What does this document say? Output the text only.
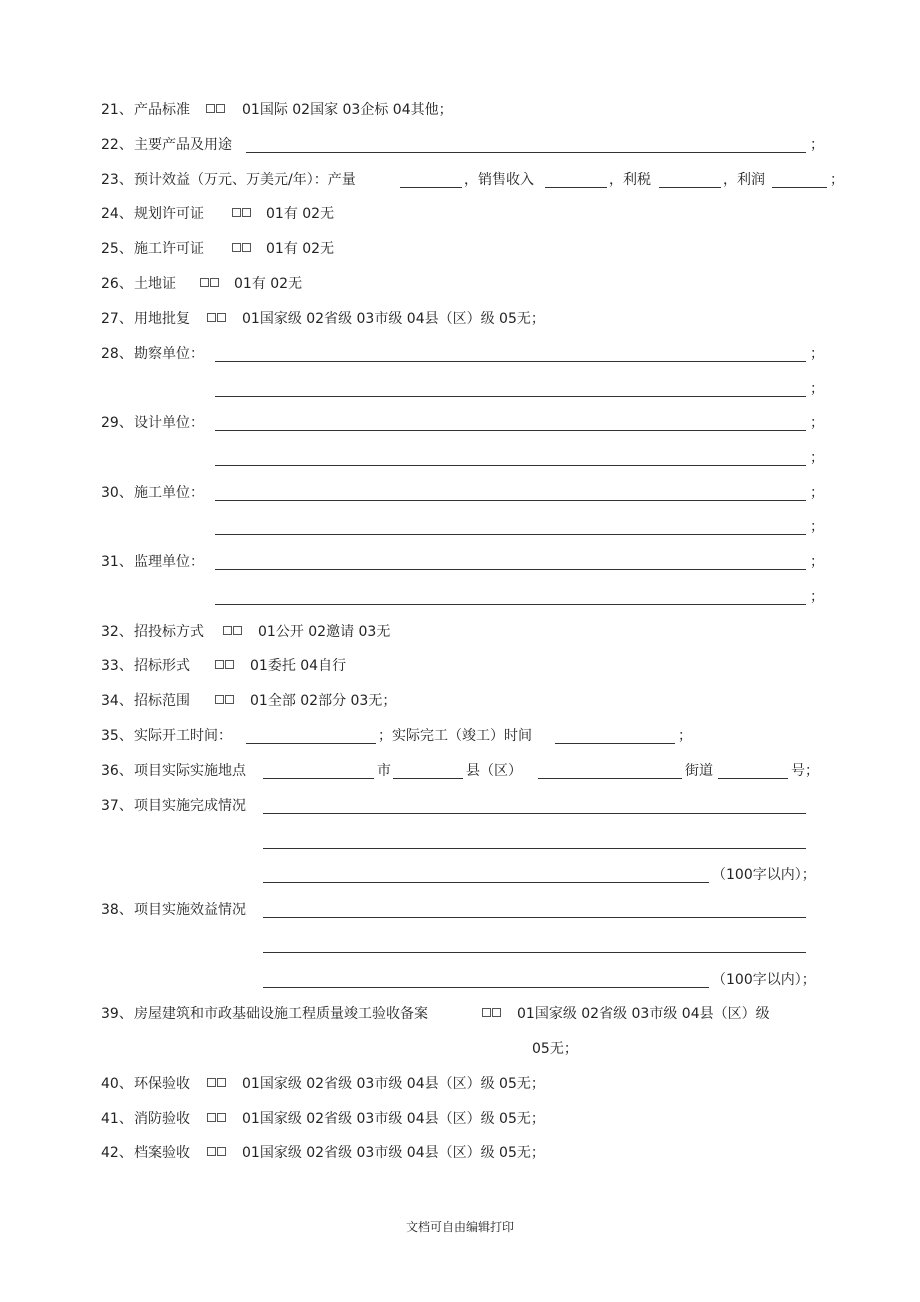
21、 产品标准	01国际 02国家 03企标 04其他；
22、 主要产品及用途	；
23、 预计效益（万元、万美元/年）：产量	，销售收入	，利税	，利润	；
24、 规划许可证	01有 02无
25、 施工许可证	01有 02无
26、 土地证	01有 02无
27、 用地批复	01国家级 02省级 03市级 04县（区）级 05无；
28、 勘察单位：	；
；
29、 设计单位：	；
；
30、 施工单位：	；
；
31、 监理单位：	；
；
32、 招投标方式	01公开 02邀请 03无
33、 招标形式	01委托 04自行
34、 招标范围	01全部 02部分 03无；
35、 实际开工时间：	；实际完工（竣工）时间	；
36、 项目实际实施地点	市	县（区）	街道	号；
37、 项目实施完成情况
（100字以内）；
38、 项目实施效益情况
（100字以内）；
39、 房屋建筑和市政基础设施工程质量竣工验收备案	01国家级 02省级 03市级 04县（区）级
05无；
40、 环保验收	01国家级 02省级 03市级 04县（区）级 05无；
41、 消防验收	01国家级 02省级 03市级 04县（区）级 05无；
42、 档案验收	01国家级 02省级 03市级 04县（区）级 05无；
文档可自由编辑打印
